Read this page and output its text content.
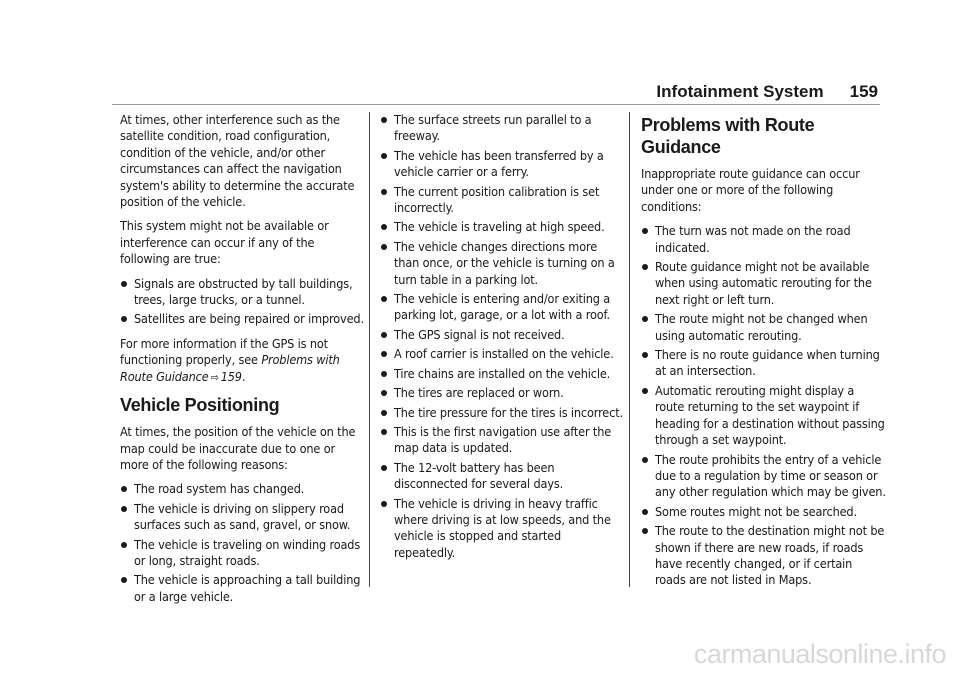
Infotainment System 159

At times, other interference such as the satellite condition, road configuration, condition of the vehicle, and/or other circumstances can affect the navigation system's ability to determine the accurate position of the vehicle.

This system might not be available or interference can occur if any of the following are true:

Signals are obstructed by tall buildings, trees, large trucks, or a tunnel.
Satellites are being repaired or improved.

For more information if the GPS is not functioning properly, see Problems with Route Guidance ⇨ 159.

Vehicle Positioning

At times, the position of the vehicle on the map could be inaccurate due to one or more of the following reasons:

The road system has changed.
The vehicle is driving on slippery road surfaces such as sand, gravel, or snow.
The vehicle is traveling on winding roads or long, straight roads.
The vehicle is approaching a tall building or a large vehicle.
The surface streets run parallel to a freeway.
The vehicle has been transferred by a vehicle carrier or a ferry.
The current position calibration is set incorrectly.
The vehicle is traveling at high speed.
The vehicle changes directions more than once, or the vehicle is turning on a turn table in a parking lot.
The vehicle is entering and/or exiting a parking lot, garage, or a lot with a roof.
The GPS signal is not received.
A roof carrier is installed on the vehicle.
Tire chains are installed on the vehicle.
The tires are replaced or worn.
The tire pressure for the tires is incorrect.
This is the first navigation use after the map data is updated.
The 12-volt battery has been disconnected for several days.
The vehicle is driving in heavy traffic where driving is at low speeds, and the vehicle is stopped and started repeatedly.
Problems with Route Guidance

Inappropriate route guidance can occur under one or more of the following conditions:

The turn was not made on the road indicated.
Route guidance might not be available when using automatic rerouting for the next right or left turn.
The route might not be changed when using automatic rerouting.
There is no route guidance when turning at an intersection.
Automatic rerouting might display a route returning to the set waypoint if heading for a destination without passing through a set waypoint.
The route prohibits the entry of a vehicle due to a regulation by time or season or any other regulation which may be given.
Some routes might not be searched.
The route to the destination might not be shown if there are new roads, if roads have recently changed, or if certain roads are not listed in Maps.
carmanualsonline.info
